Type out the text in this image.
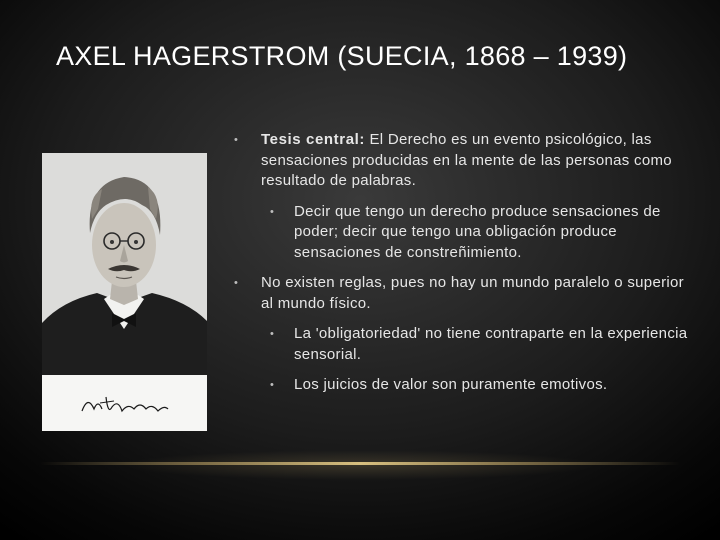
AXEL HAGERSTROM (SUECIA, 1868 – 1939)
• Tesis central: El Derecho es un evento psicológico, las sensaciones producidas en la mente de las personas como resultado de palabras.
• Decir que tengo un derecho produce sensaciones de poder; decir que tengo una obligación produce sensaciones de constreñimiento.
• No existen reglas, pues no hay un mundo paralelo o superior al mundo físico.
• La 'obligatoriedad' no tiene contraparte en la experiencia sensorial.
• Los juicios de valor son puramente emotivos.
